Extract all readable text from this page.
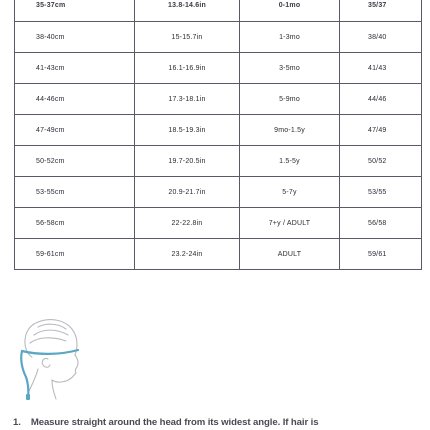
35-37cm	13.8-14.6in	0-1mo	35/37
38-40cm	15-15.7in	1-3mo	38/40
41-43cm	16.1-16.9in	3-5mo	41/43
44-46cm	17.3-18.1in	5-9mo	44/46
47-49cm	18.5-19.3in	9mo-1.5y	47/49
50-52cm	19.7-20.5in	1.5-5y	50/52
53-55cm	20.9-21.7in	5-7y	53/55
56-58cm	22-22.8in	7+y / ADULT	56/58
59-61cm	23.2-24in	ADULT	59/61
1. Measure straight around the head from its widest angle. If hair is
